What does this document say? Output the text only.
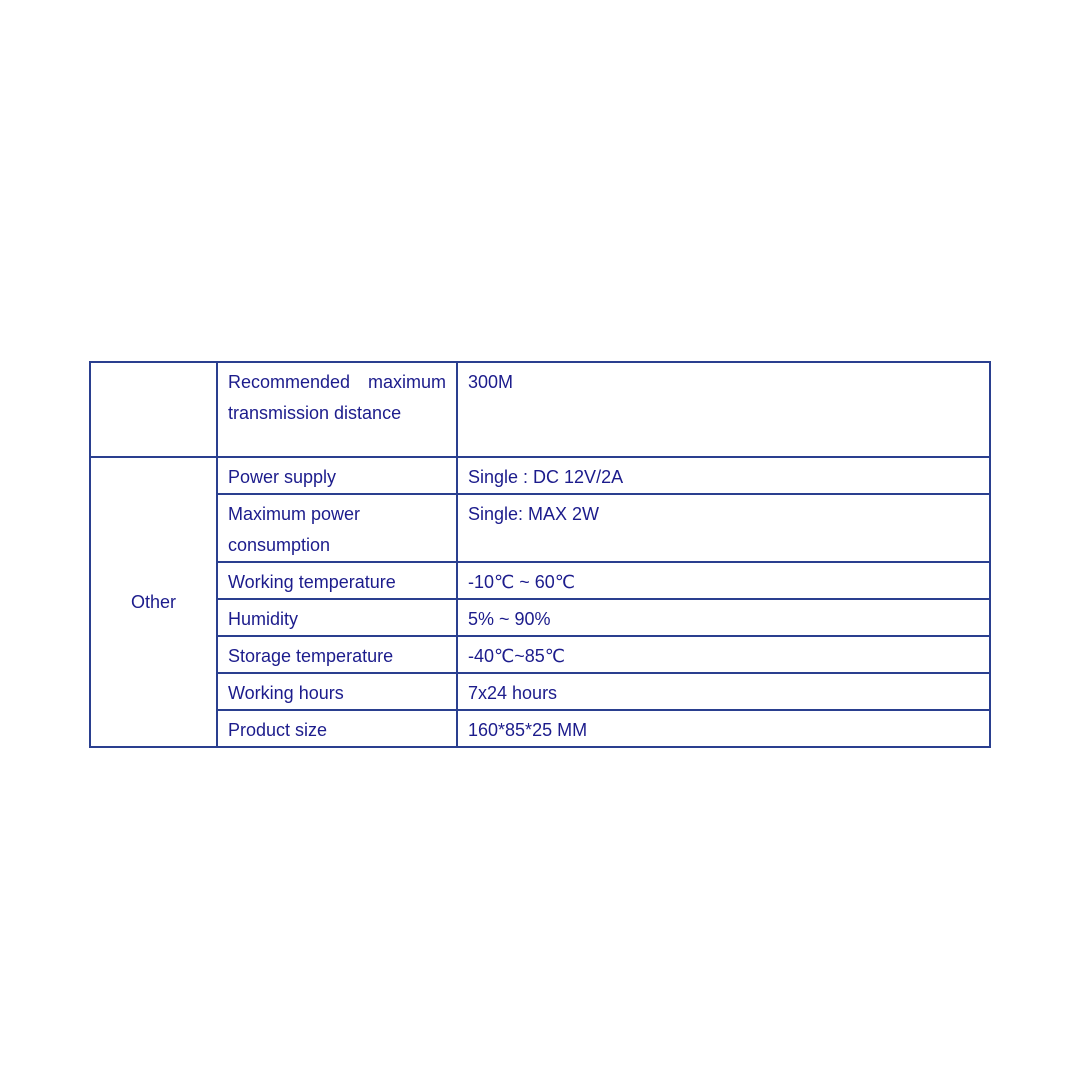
	Recommended maximum transmission distance	300M
Other	Power supply	Single : DC 12V/2A
	Maximum power consumption	Single: MAX 2W
	Working temperature	-10℃ ~ 60℃
	Humidity	5% ~ 90%
	Storage temperature	-40℃~85℃
	Working hours	7x24 hours
	Product size	160*85*25 MM
